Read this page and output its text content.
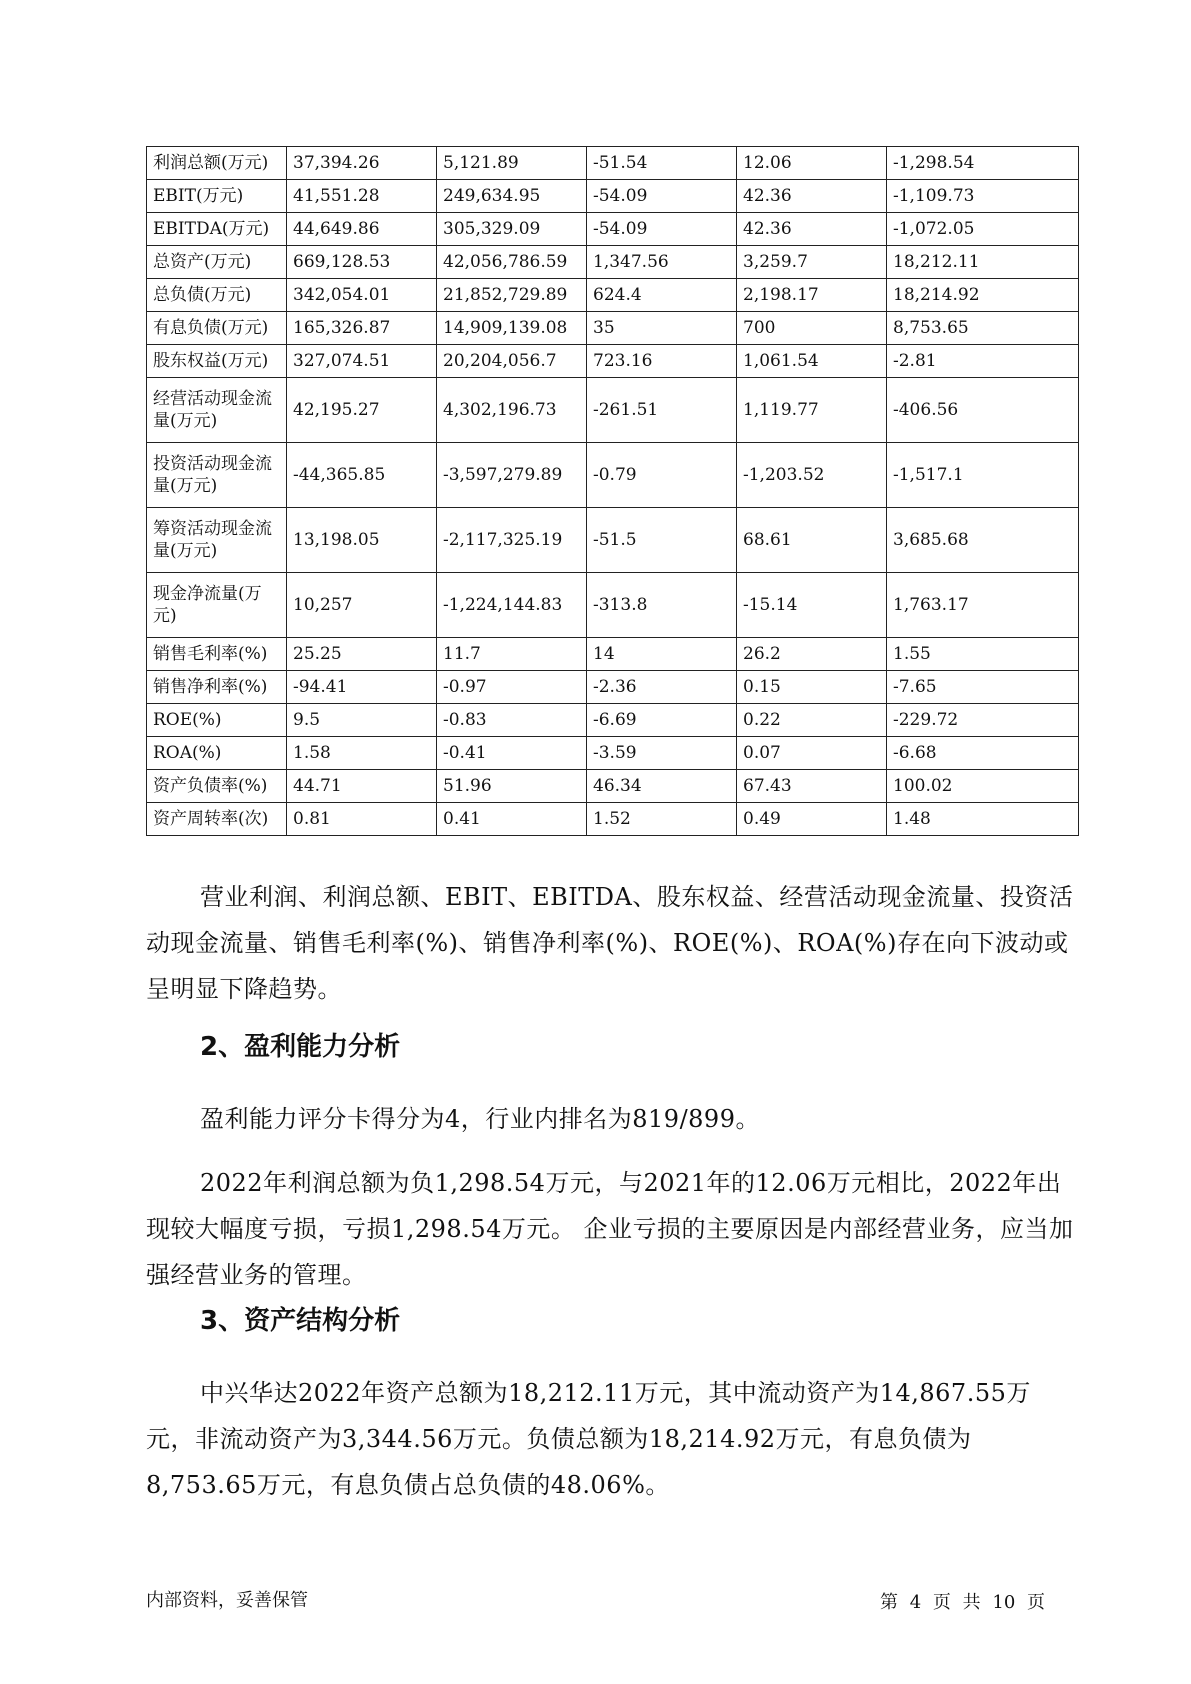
利润总额(万元)	37,394.26	5,121.89	-51.54	12.06	-1,298.54
EBIT(万元)	41,551.28	249,634.95	-54.09	42.36	-1,109.73
EBITDA(万元)	44,649.86	305,329.09	-54.09	42.36	-1,072.05
总资产(万元)	669,128.53	42,056,786.59	1,347.56	3,259.7	18,212.11
总负债(万元)	342,054.01	21,852,729.89	624.4	2,198.17	18,214.92
有息负债(万元)	165,326.87	14,909,139.08	35	700	8,753.65
股东权益(万元)	327,074.51	20,204,056.7	723.16	1,061.54	-2.81

经营活动现金流
量(万元)	42,195.27	4,302,196.73	-261.51	1,119.77	-406.56

投资活动现金流
量(万元)	-44,365.85	-3,597,279.89	-0.79	-1,203.52	-1,517.1

筹资活动现金流
量(万元)	13,198.05	-2,117,325.19	-51.5	68.61	3,685.68

现金净流量(万
元)	10,257	-1,224,144.83	-313.8	-15.14	1,763.17
销售毛利率(%)	25.25	11.7	14	26.2	1.55
销售净利率(%)	-94.41	-0.97	-2.36	0.15	-7.65
ROE(%)	9.5	-0.83	-6.69	0.22	-229.72
ROA(%)	1.58	-0.41	-3.59	0.07	-6.68
资产负债率(%)	44.71	51.96	46.34	67.43	100.02
资产周转率(次)	0.81	0.41	1.52	0.49	1.48

营业利润、利润总额、EBIT、EBITDA、股东权益、经营活动现金流量、投资活动现金流量、销售毛利率(%)、销售净利率(%)、ROE(%)、ROA(%)存在向下波动或呈明显下降趋势。

2、盈利能力分析

盈利能力评分卡得分为4，行业内排名为819/899。

2022年利润总额为负1,298.54万元，与2021年的12.06万元相比，2022年出现较大幅度亏损，亏损1,298.54万元。 企业亏损的主要原因是内部经营业务，应当加强经营业务的管理。

3、资产结构分析

中兴华达2022年资产总额为18,212.11万元，其中流动资产为14,867.55万元，非流动资产为3,344.56万元。负债总额为18,214.92万元，有息负债为8,753.65万元，有息负债占总负债的48.06%。

内部资料，妥善保管	第 4 页 共 10 页
